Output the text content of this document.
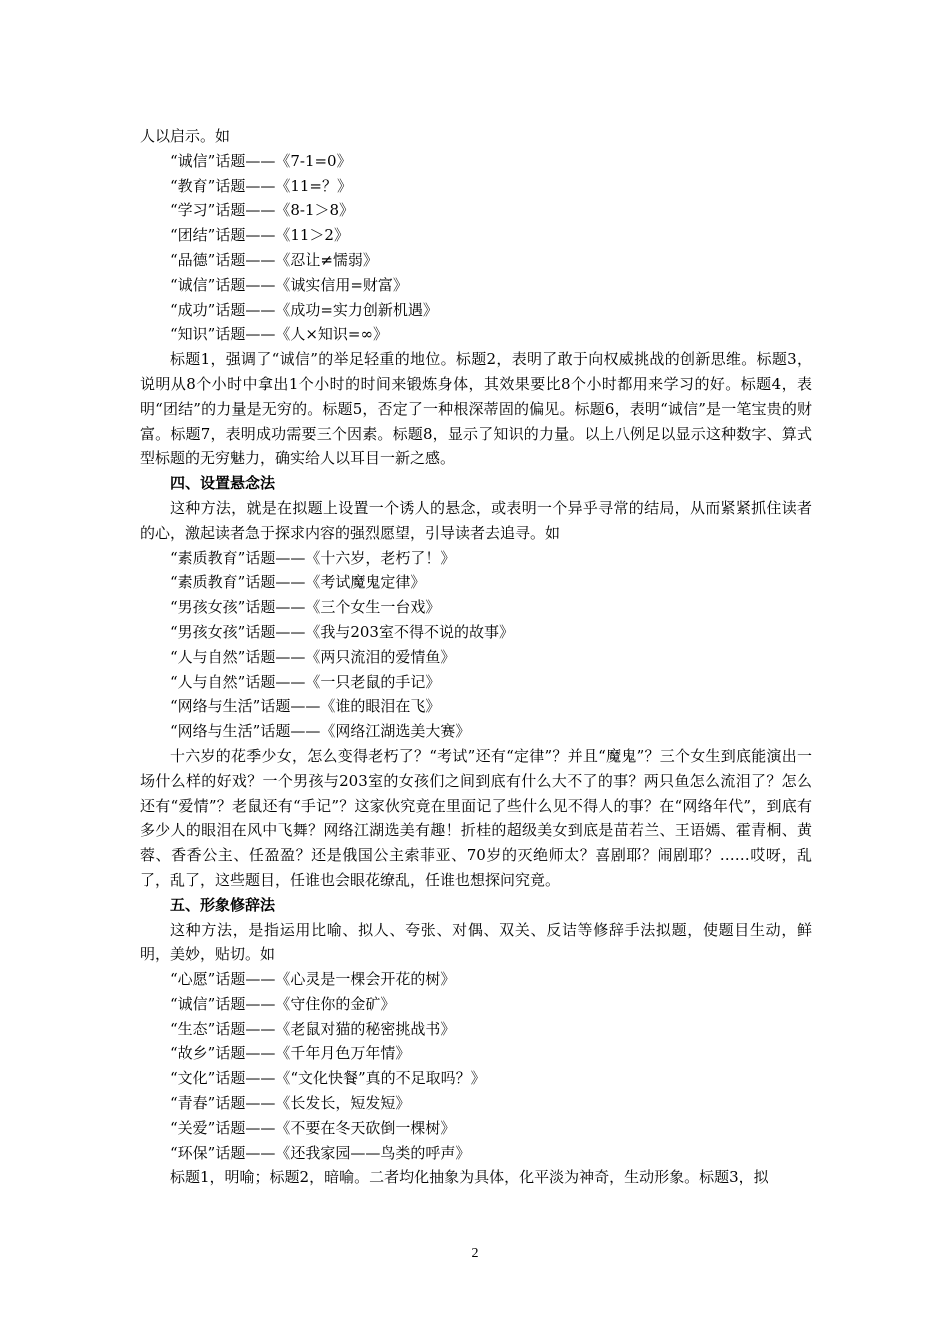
人以启示。如
“诚信”话题——《7-1=0》
“教育”话题——《11=？》
“学习”话题——《8-1＞8》
“团结”话题——《11＞2》
“品德”话题——《忍让≠懦弱》
“诚信”话题——《诚实信用=财富》
“成功”话题——《成功=实力创新机遇》
“知识”话题——《人×知识=∞》
标题1，强调了“诚信”的举足轻重的地位。标题2，表明了敢于向权威挑战的创新思维。标题3，说明从8个小时中拿出1个小时的时间来锻炼身体，其效果要比8个小时都用来学习的好。标题4，表明“团结”的力量是无穷的。标题5，否定了一种根深蒂固的偏见。标题6，表明“诚信”是一笔宝贵的财富。标题7，表明成功需要三个因素。标题8，显示了知识的力量。以上八例足以显示这种数字、算式型标题的无穷魅力，确实给人以耳目一新之感。
四、设置悬念法
这种方法，就是在拟题上设置一个诱人的悬念，或表明一个异乎寻常的结局，从而紧紧抓住读者的心，激起读者急于探求内容的强烈愿望，引导读者去追寻。如
“素质教育”话题——《十六岁，老朽了！》
“素质教育”话题——《考试魔鬼定律》
“男孩女孩”话题——《三个女生一台戏》
“男孩女孩”话题——《我与203室不得不说的故事》
“人与自然”话题——《两只流泪的爱情鱼》
“人与自然”话题——《一只老鼠的手记》
“网络与生活”话题——《谁的眼泪在飞》
“网络与生活”话题——《网络江湖选美大赛》
十六岁的花季少女，怎么变得老朽了？“考试”还有“定律”？并且“魔鬼”？三个女生到底能演出一场什么样的好戏？一个男孩与203室的女孩们之间到底有什么大不了的事？两只鱼怎么流泪了？怎么还有“爱情”？老鼠还有“手记”？这家伙究竟在里面记了些什么见不得人的事？在“网络年代”，到底有多少人的眼泪在风中飞舞？网络江湖选美有趣！折桂的超级美女到底是苗若兰、王语嫣、霍青桐、黄蓉、香香公主、任盈盈？还是俄国公主索菲亚、70岁的灭绝师太？喜剧耶？闹剧耶？……哎呀，乱了，乱了，这些题目，任谁也会眼花缭乱，任谁也想探问究竟。
五、形象修辞法
这种方法，是指运用比喻、拟人、夸张、对偶、双关、反诘等修辞手法拟题，使题目生动，鲜明，美妙，贴切。如
“心愿”话题——《心灵是一棵会开花的树》
“诚信”话题——《守住你的金矿》
“生态”话题——《老鼠对猫的秘密挑战书》
“故乡”话题——《千年月色万年情》
“文化”话题——《“文化快餐”真的不足取吗？》
“青春”话题——《长发长，短发短》
“关爱”话题——《不要在冬天砍倒一棵树》
“环保”话题——《还我家园——鸟类的呼声》
标题1，明喻；标题2，暗喻。二者均化抽象为具体，化平淡为神奇，生动形象。标题3，拟
2
